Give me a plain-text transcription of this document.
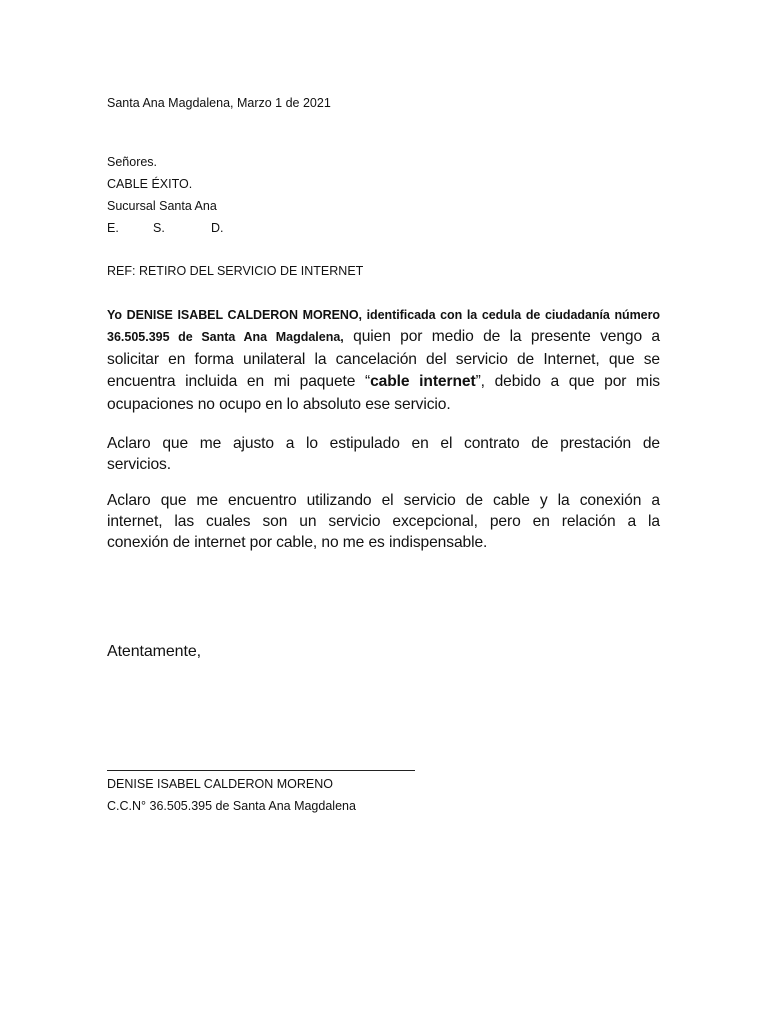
Santa Ana Magdalena, Marzo 1 de 2021

Señores.
CABLE ÉXITO.
Sucursal Santa Ana
E.	S.	D.

REF: RETIRO DEL SERVICIO DE INTERNET

Yo DENISE ISABEL CALDERON MORENO, identificada con la cedula de ciudadanía número
36.505.395 de Santa Ana Magdalena, quien por medio de la presente vengo a
solicitar en forma unilateral la cancelación del servicio de Internet, que se
encuentra incluida en mi paquete “cable internet”, debido a que por mis
ocupaciones no ocupo en lo absoluto ese servicio.
Aclaro que me ajusto a lo estipulado en el contrato de prestación de
servicios.
Aclaro que me encuentro utilizando el servicio de cable y la conexión a
internet, las cuales son un servicio excepcional, pero en relación a la
conexión de internet por cable, no me es indispensable.

Atentamente,

DENISE ISABEL CALDERON MORENO
C.C.N° 36.505.395 de Santa Ana Magdalena
